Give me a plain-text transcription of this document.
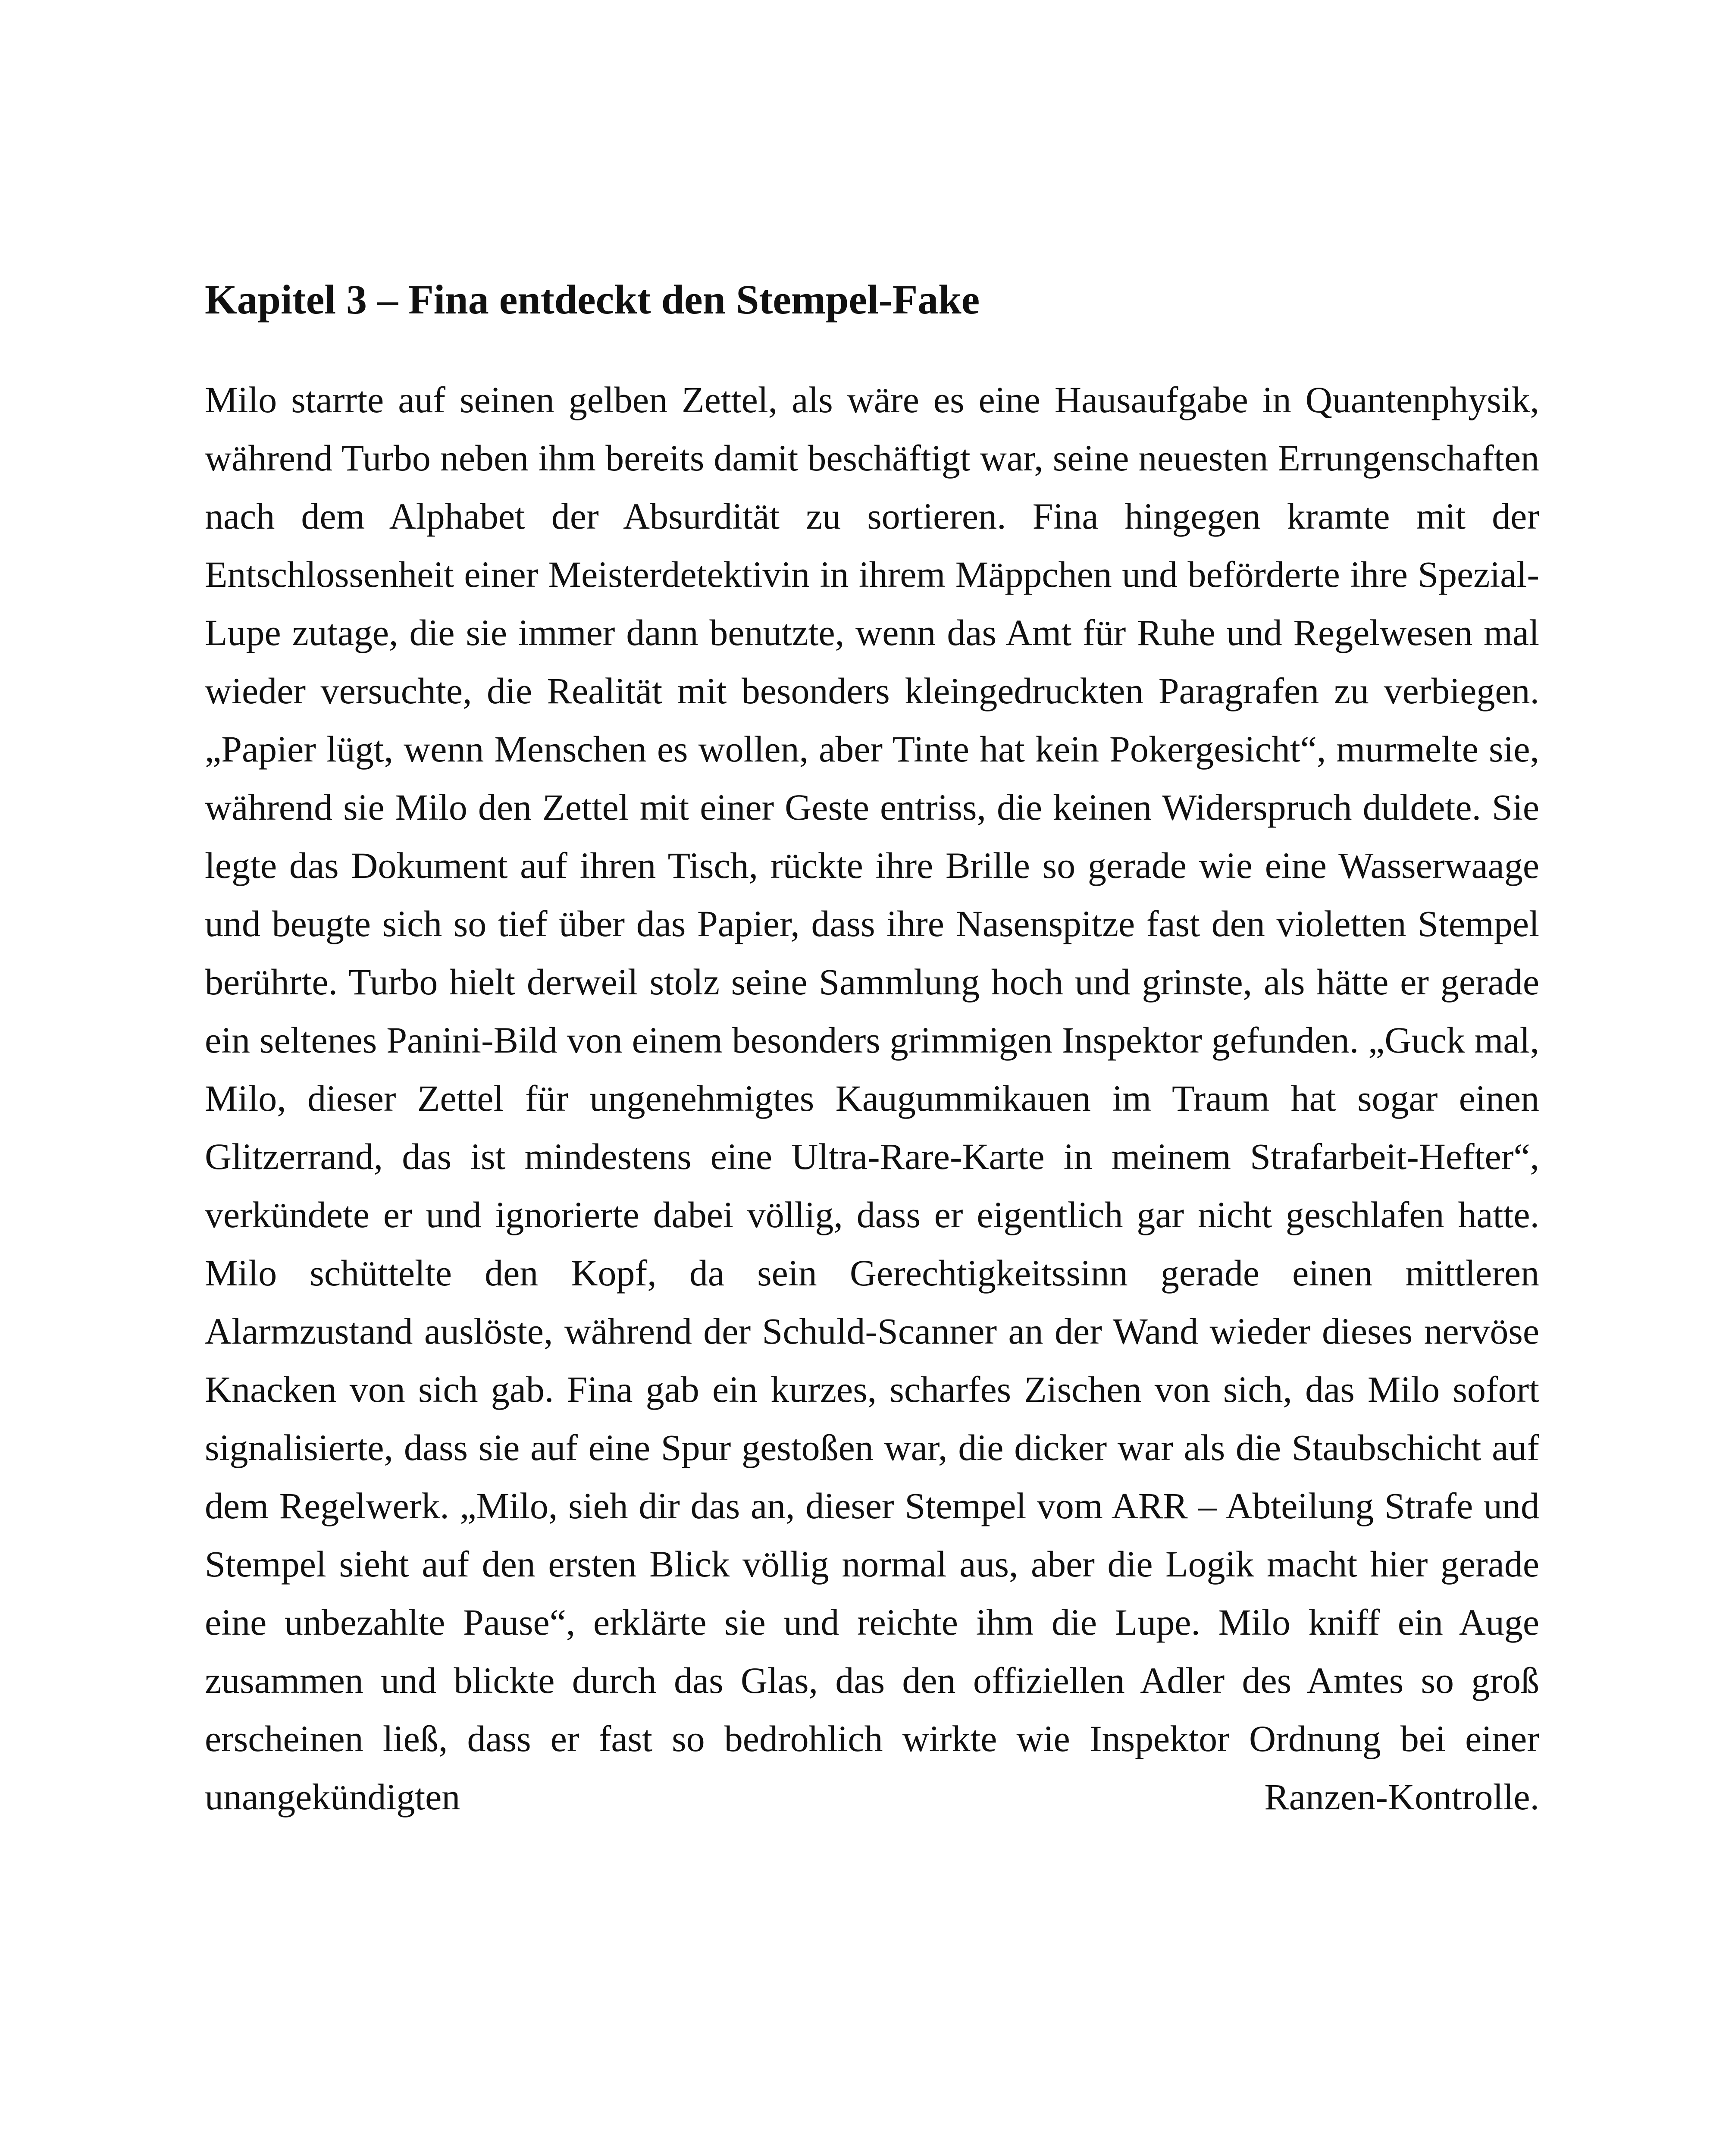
Kapitel 3 – Fina entdeckt den Stempel-Fake

Milo starrte auf seinen gelben Zettel, als wäre es eine Hausaufgabe in Quantenphysik, während Turbo neben ihm bereits damit beschäftigt war, seine neuesten Errungenschaften nach dem Alphabet der Absurdität zu sortieren. Fina hingegen kramte mit der Entschlossenheit einer Meisterdetektivin in ihrem Mäppchen und beförderte ihre Spezial-Lupe zutage, die sie immer dann benutzte, wenn das Amt für Ruhe und Regelwesen mal wieder versuchte, die Realität mit besonders kleingedruckten Paragrafen zu verbiegen. „Papier lügt, wenn Menschen es wollen, aber Tinte hat kein Pokergesicht“, murmelte sie, während sie Milo den Zettel mit einer Geste entriss, die keinen Widerspruch duldete. Sie legte das Dokument auf ihren Tisch, rückte ihre Brille so gerade wie eine Wasserwaage und beugte sich so tief über das Papier, dass ihre Nasenspitze fast den violetten Stempel berührte. Turbo hielt derweil stolz seine Sammlung hoch und grinste, als hätte er gerade ein seltenes Panini-Bild von einem besonders grimmigen Inspektor gefunden. „Guck mal, Milo, dieser Zettel für ungenehmigtes Kaugummikauen im Traum hat sogar einen Glitzerrand, das ist mindestens eine Ultra-Rare-Karte in meinem Strafarbeit-Hefter“, verkündete er und ignorierte dabei völlig, dass er eigentlich gar nicht geschlafen hatte. Milo schüttelte den Kopf, da sein Gerechtigkeitssinn gerade einen mittleren Alarmzustand auslöste, während der Schuld-Scanner an der Wand wieder dieses nervöse Knacken von sich gab. Fina gab ein kurzes, scharfes Zischen von sich, das Milo sofort signalisierte, dass sie auf eine Spur gestoßen war, die dicker war als die Staubschicht auf dem Regelwerk. „Milo, sieh dir das an, dieser Stempel vom ARR – Abteilung Strafe und Stempel sieht auf den ersten Blick völlig normal aus, aber die Logik macht hier gerade eine unbezahlte Pause“, erklärte sie und reichte ihm die Lupe. Milo kniff ein Auge zusammen und blickte durch das Glas, das den offiziellen Adler des Amtes so groß erscheinen ließ, dass er fast so bedrohlich wirkte wie Inspektor Ordnung bei einer unangekündigten Ranzen-Kontrolle.
